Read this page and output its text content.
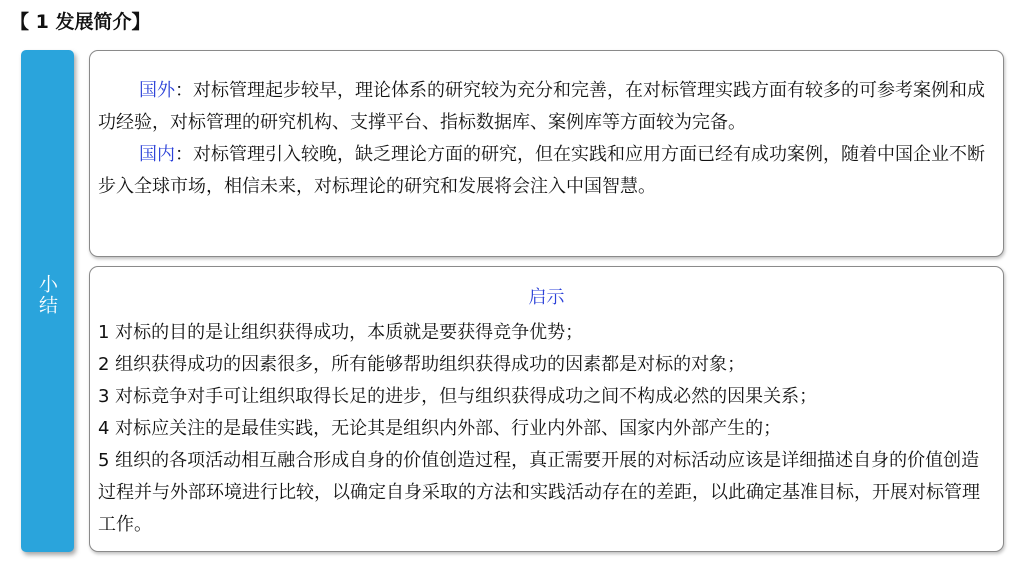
【 1 发展简介】
小结

国外：对标管理起步较早，理论体系的研究较为充分和完善，在对标管理实践方面有较多的可参考案例和成功经验，对标管理的研究机构、支撑平台、指标数据库、案例库等方面较为完备。

国内：对标管理引入较晚，缺乏理论方面的研究，但在实践和应用方面已经有成功案例，随着中国企业不断步入全球市场，相信未来，对标理论的研究和发展将会注入中国智慧。

启示

1 对标的目的是让组织获得成功，本质就是要获得竞争优势；

2 组织获得成功的因素很多，所有能够帮助组织获得成功的因素都是对标的对象；

3 对标竞争对手可让组织取得长足的进步，但与组织获得成功之间不构成必然的因果关系；

4 对标应关注的是最佳实践，无论其是组织内外部、行业内外部、国家内外部产生的；

5 组织的各项活动相互融合形成自身的价值创造过程，真正需要开展的对标活动应该是详细描述自身的价值创造过程并与外部环境进行比较，以确定自身采取的方法和实践活动存在的差距，以此确定基准目标，开展对标管理工作。
